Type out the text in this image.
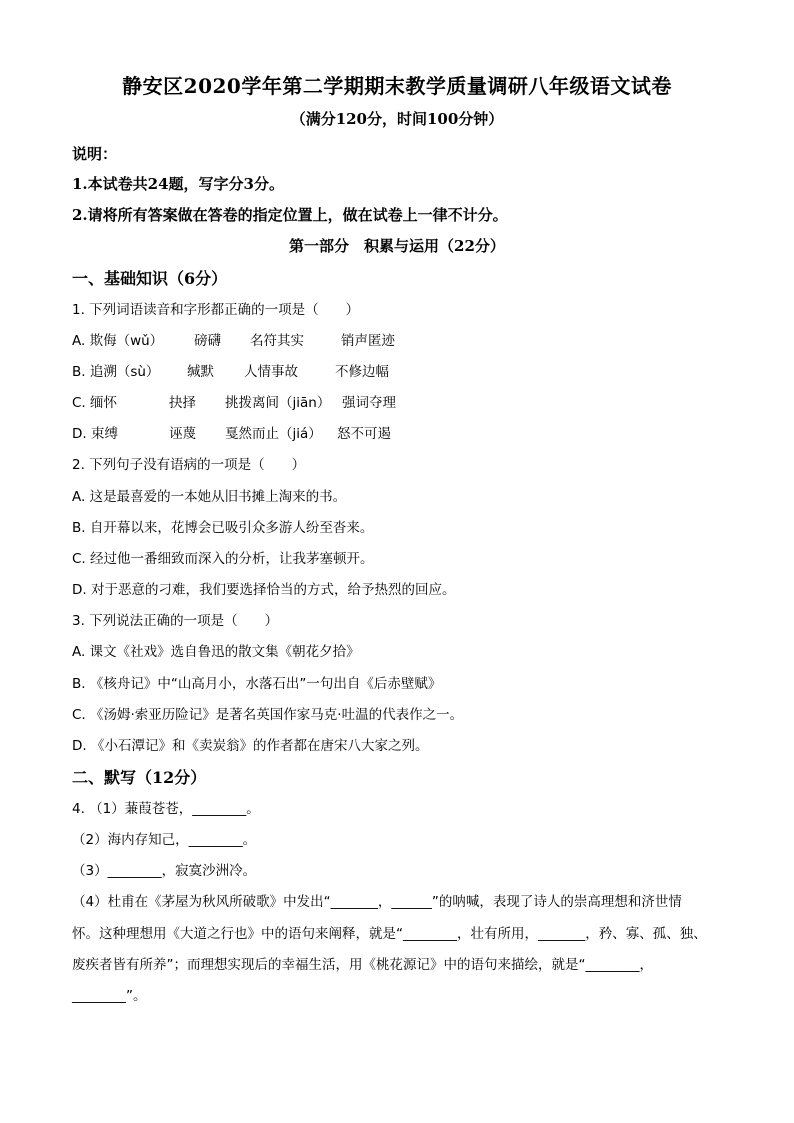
静安区2020学年第二学期期末教学质量调研八年级语文试卷
（满分120分，时间100分钟）
说明：
1.本试卷共24题，写字分3分。
2.请将所有答案做在答卷的指定位置上，做在试卷上一律不计分。
第一部分　积累与运用（22分）
一、基础知识（6分）
1. 下列词语读音和字形都正确的一项是（　　）
A. 欺侮（wǔ） 磅礴 名符其实	销声匿迹
B. 追溯（sù） 缄默 人情事故	不修边幅
C. 缅怀	抉择 挑拨离间（jiān） 强词夺理
D. 束缚	诬蔑 戛然而止（jiá） 怒不可遏
2. 下列句子没有语病的一项是（　　）
A. 这是最喜爱的一本她从旧书摊上淘来的书。
B. 自开幕以来，花博会已吸引众多游人纷至沓来。
C. 经过他一番细致而深入的分析，让我茅塞顿开。
D. 对于恶意的刁难，我们要选择恰当的方式，给予热烈的回应。
3. 下列说法正确的一项是（　　）
A. 课文《社戏》选自鲁迅的散文集《朝花夕拾》
B. 《核舟记》中“山高月小，水落石出”一句出自《后赤壁赋》
C. 《汤姆·索亚历险记》是著名英国作家马克·吐温的代表作之一。
D. 《小石潭记》和《卖炭翁》的作者都在唐宋八大家之列。
二、默写（12分）
4. （1）蒹葭苍苍，________。
（2）海内存知己，________。
（3）________，寂寞沙洲冷。
（4）杜甫在《茅屋为秋风所破歌》中发出“_______，______”的呐喊，表现了诗人的崇高理想和济世情
怀。这种理想用《大道之行也》中的语句来阐释，就是“________，壮有所用，_______，矜、寡、孤、独、
废疾者皆有所养”；而理想实现后的幸福生活，用《桃花源记》中的语句来描绘，就是“________，
________”。
